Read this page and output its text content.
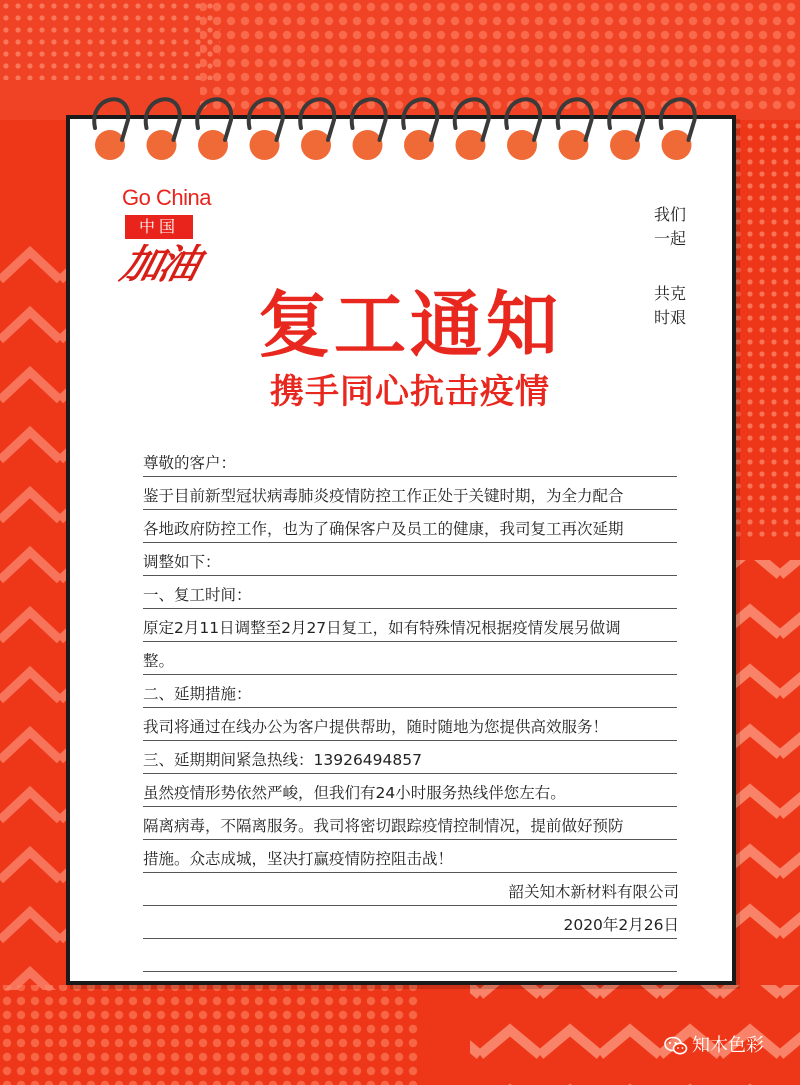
Go China
中国
加油
我们
一起
共克
时艰
复工通知
携手同心抗击疫情
尊敬的客户：
鉴于目前新型冠状病毒肺炎疫情防控工作正处于关键时期，为全力配合
各地政府防控工作，也为了确保客户及员工的健康，我司复工再次延期
调整如下：
一、复工时间：
原定2月11日调整至2月27日复工，如有特殊情况根据疫情发展另做调
整。
二、延期措施：
我司将通过在线办公为客户提供帮助，随时随地为您提供高效服务！
三、延期期间紧急热线：13926494857
虽然疫情形势依然严峻，但我们有24小时服务热线伴您左右。
隔离病毒，不隔离服务。我司将密切跟踪疫情控制情况，提前做好预防
措施。众志成城，坚决打赢疫情防控阻击战！
韶关知木新材料有限公司
2020年2月26日
知木色彩
